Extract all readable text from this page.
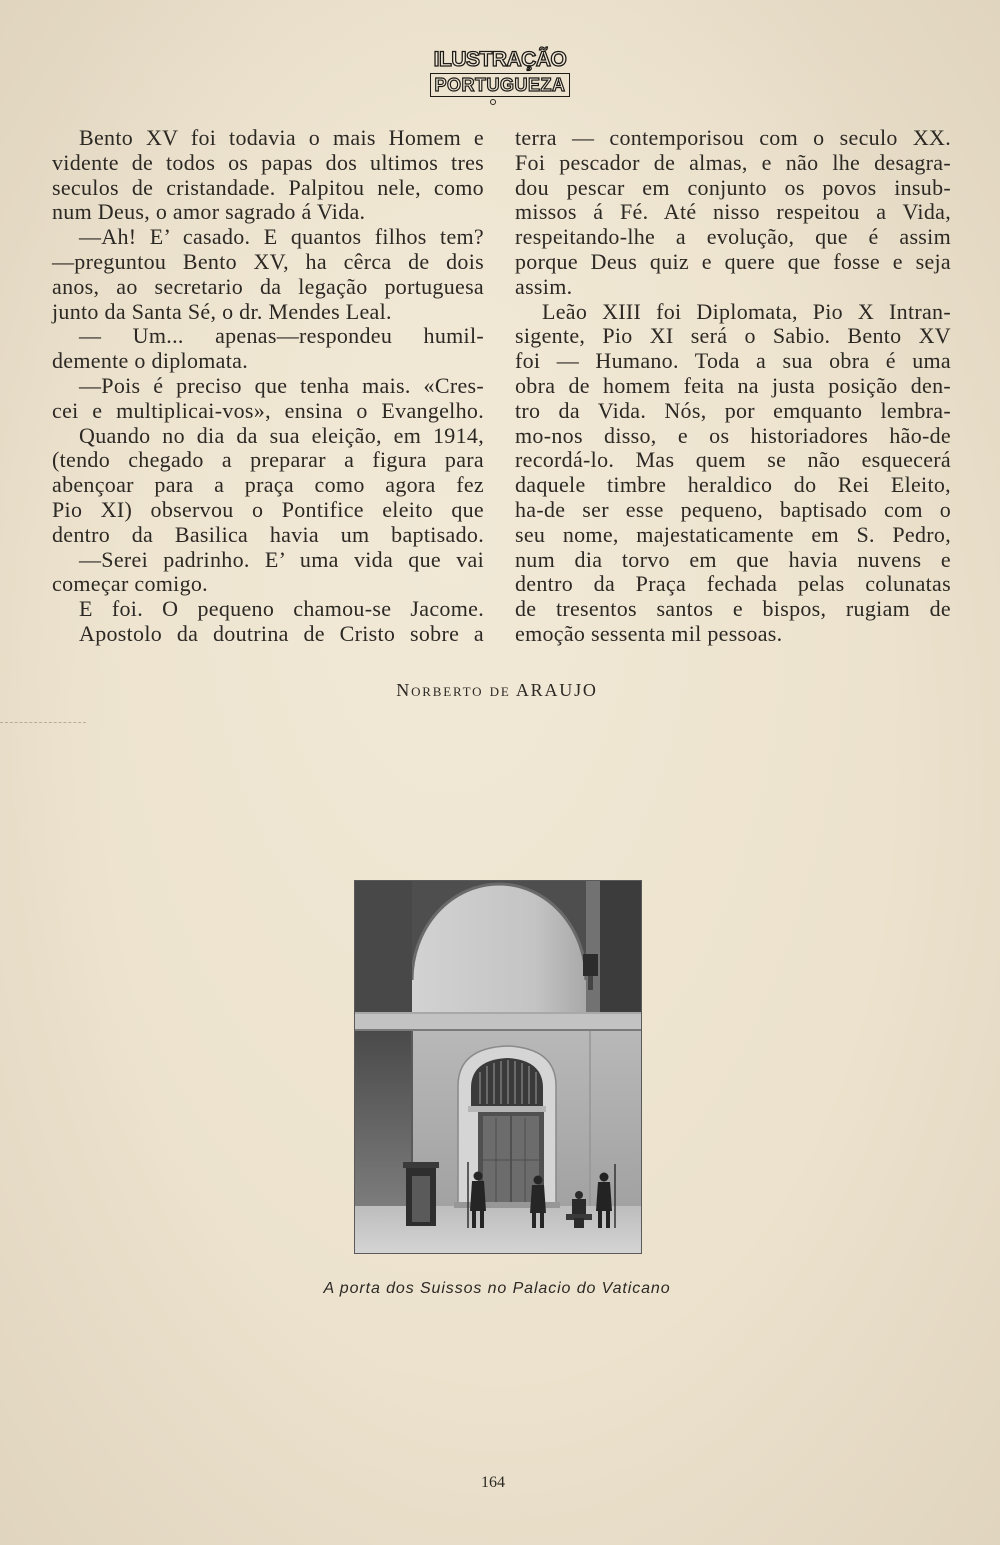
ILUSTRAÇÃO
PORTUGUEZA
Bento XV foi todavia o mais Homem e
vidente de todos os papas dos ultimos tres
seculos de cristandade. Palpitou nele, como
num Deus, o amor sagrado á Vida.
—Ah! E’ casado. E quantos filhos tem?
—preguntou Bento XV, ha cêrca de dois
anos, ao secretario da legação portuguesa
junto da Santa Sé, o dr. Mendes Leal.
— Um... apenas—respondeu humil-
demente o diplomata.
—Pois é preciso que tenha mais. «Cres-
cei e multiplicai-vos», ensina o Evangelho.
Quando no dia da sua eleição, em 1914,
(tendo chegado a preparar a figura para
abençoar para a praça como agora fez
Pio XI) observou o Pontifice eleito que
dentro da Basilica havia um baptisado.
—Serei padrinho. E’ uma vida que vai
começar comigo.
E foi. O pequeno chamou-se Jacome.
Apostolo da doutrina de Cristo sobre a
terra — contemporisou com o seculo XX.
Foi pescador de almas, e não lhe desagra-
dou pescar em conjunto os povos insub-
missos á Fé. Até nisso respeitou a Vida,
respeitando-lhe a evolução, que é assim
porque Deus quiz e quere que fosse e seja
assim.
Leão XIII foi Diplomata, Pio X Intran-
sigente, Pio XI será o Sabio. Bento XV
foi — Humano. Toda a sua obra é uma
obra de homem feita na justa posição den-
tro da Vida. Nós, por emquanto lembra-
mo-nos disso, e os historiadores hão-de
recordá-lo. Mas quem se não esquecerá
daquele timbre heraldico do Rei Eleito,
ha-de ser esse pequeno, baptisado com o
seu nome, majestaticamente em S. Pedro,
num dia torvo em que havia nuvens e
dentro da Praça fechada pelas colunatas
de tresentos santos e bispos, rugiam de
emoção sessenta mil pessoas.
Norberto de ARAUJO
A porta dos Suissos no Palacio do Vaticano
164
